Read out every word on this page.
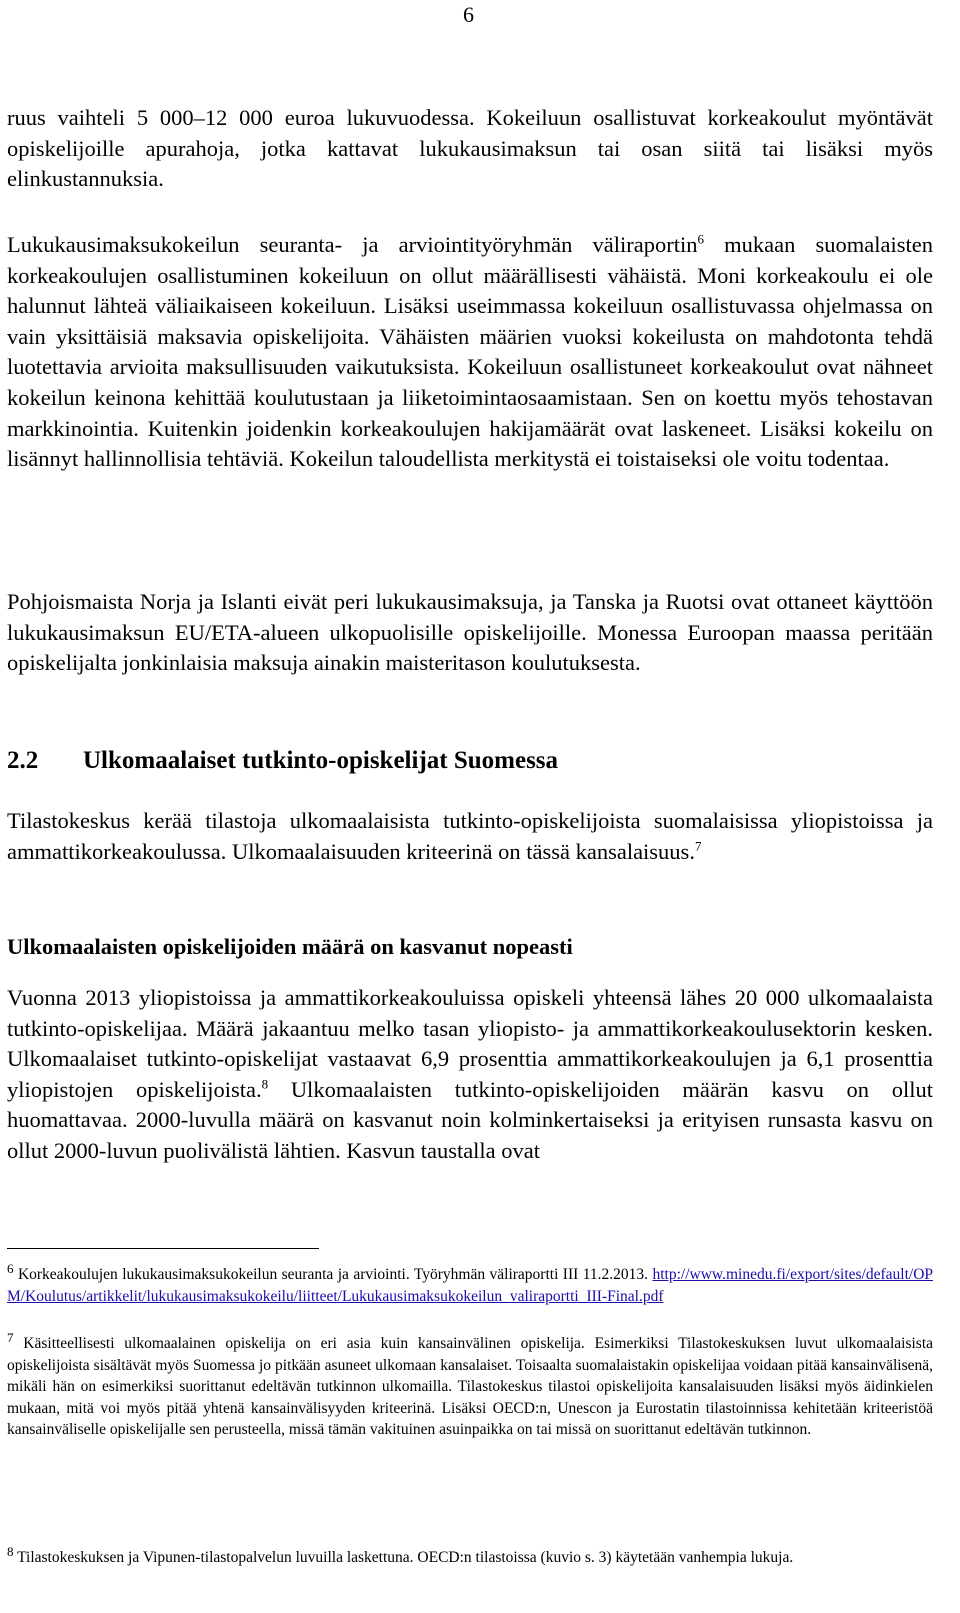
6

ruus vaihteli 5 000–12 000 euroa lukuvuodessa. Kokeiluun osallistuvat korkeakoulut myöntävät opiskelijoille apurahoja, jotka kattavat lukukausimaksun tai osan siitä tai lisäksi myös elinkustannuksia.

Lukukausimaksukokeilun seuranta- ja arviointityöryhmän väliraportin$^6$ mukaan suomalaisten korkeakoulujen osallistuminen kokeiluun on ollut määrällisesti vähäistä. Moni korkeakoulu ei ole halunnut lähteä väliaikaiseen kokeiluun. Lisäksi useimmassa kokeiluun osallistuvassa ohjelmassa on vain yksittäisiä maksavia opiskelijoita. Vähäisten määrien vuoksi kokeilusta on mahdotonta tehdä luotettavia arvioita maksullisuuden vaikutuksista. Kokeiluun osallistuneet korkeakoulut ovat nähneet kokeilun keinona kehittää koulutustaan ja liiketoimintaosaamistaan. Sen on koettu myös tehostavan markkinointia. Kuitenkin joidenkin korkeakoulujen hakijamäärät ovat laskeneet. Lisäksi kokeilu on lisännyt hallinnollisia tehtäviä. Kokeilun taloudellista merkitystä ei toistaiseksi ole voitu todentaa.

Pohjoismaista Norja ja Islanti eivät peri lukukausimaksuja, ja Tanska ja Ruotsi ovat ottaneet käyttöön lukukausimaksun EU/ETA-alueen ulkopuolisille opiskelijoille. Monessa Euroopan maassa peritään opiskelijalta jonkinlaisia maksuja ainakin maisteritason koulutuksesta.

2.2 Ulkomaalaiset tutkinto-opiskelijat Suomessa

Tilastokeskus kerää tilastoja ulkomaalaisista tutkinto-opiskelijoista suomalaisissa yliopistoissa ja ammattikorkeakoulussa. Ulkomaalaisuuden kriteerinä on tässä kansalaisuus.$^7$

Ulkomaalaisten opiskelijoiden määrä on kasvanut nopeasti

Vuonna 2013 yliopistoissa ja ammattikorkeakouluissa opiskeli yhteensä lähes 20 000 ulkomaalaista tutkinto-opiskelijaa. Määrä jakaantuu melko tasan yliopisto- ja ammattikorkeakoulusektorin kesken. Ulkomaalaiset tutkinto-opiskelijat vastaavat 6,9 prosenttia ammattikorkeakoulujen ja 6,1 prosenttia yliopistojen opiskelijoista.$^8$ Ulkomaalaisten tutkinto-opiskelijoiden määrän kasvu on ollut huomattavaa. 2000-luvulla määrä on kasvanut noin kolminkertaiseksi ja erityisen runsasta kasvu on ollut 2000-luvun puolivälistä lähtien. Kasvun taustalla ovat

$^6$ Korkeakoulujen lukukausimaksukokeilun seuranta ja arviointi. Työryhmän väliraportti III 11.2.2013. http://www.minedu.fi/export/sites/default/OPM/Koulutus/artikkelit/lukukausimaksukokeilu/liitteet/Lukukausimaksukokeilun_valiraportti_III-Final.pdf

$^7$ Käsitteellisesti ulkomaalainen opiskelija on eri asia kuin kansainvälinen opiskelija. Esimerkiksi Tilastokeskuksen luvut ulkomaalaisista opiskelijoista sisältävät myös Suomessa jo pitkään asuneet ulkomaan kansalaiset. Toisaalta suomalaistakin opiskelijaa voidaan pitää kansainvälisenä, mikäli hän on esimerkiksi suorittanut edeltävän tutkinnon ulkomailla. Tilastokeskus tilastoi opiskelijoita kansalaisuuden lisäksi myös äidinkielen mukaan, mitä voi myös pitää yhtenä kansainvälisyyden kriteerinä. Lisäksi OECD:n, Unescon ja Eurostatin tilastoinnissa kehitetään kriteeristöä kansainväliselle opiskelijalle sen perusteella, missä tämän vakituinen asuinpaikka on tai missä on suorittanut edeltävän tutkinnon.

$^8$ Tilastokeskuksen ja Vipunen-tilastopalvelun luvuilla laskettuna. OECD:n tilastoissa (kuvio s. 3) käytetään vanhempia lukuja.
